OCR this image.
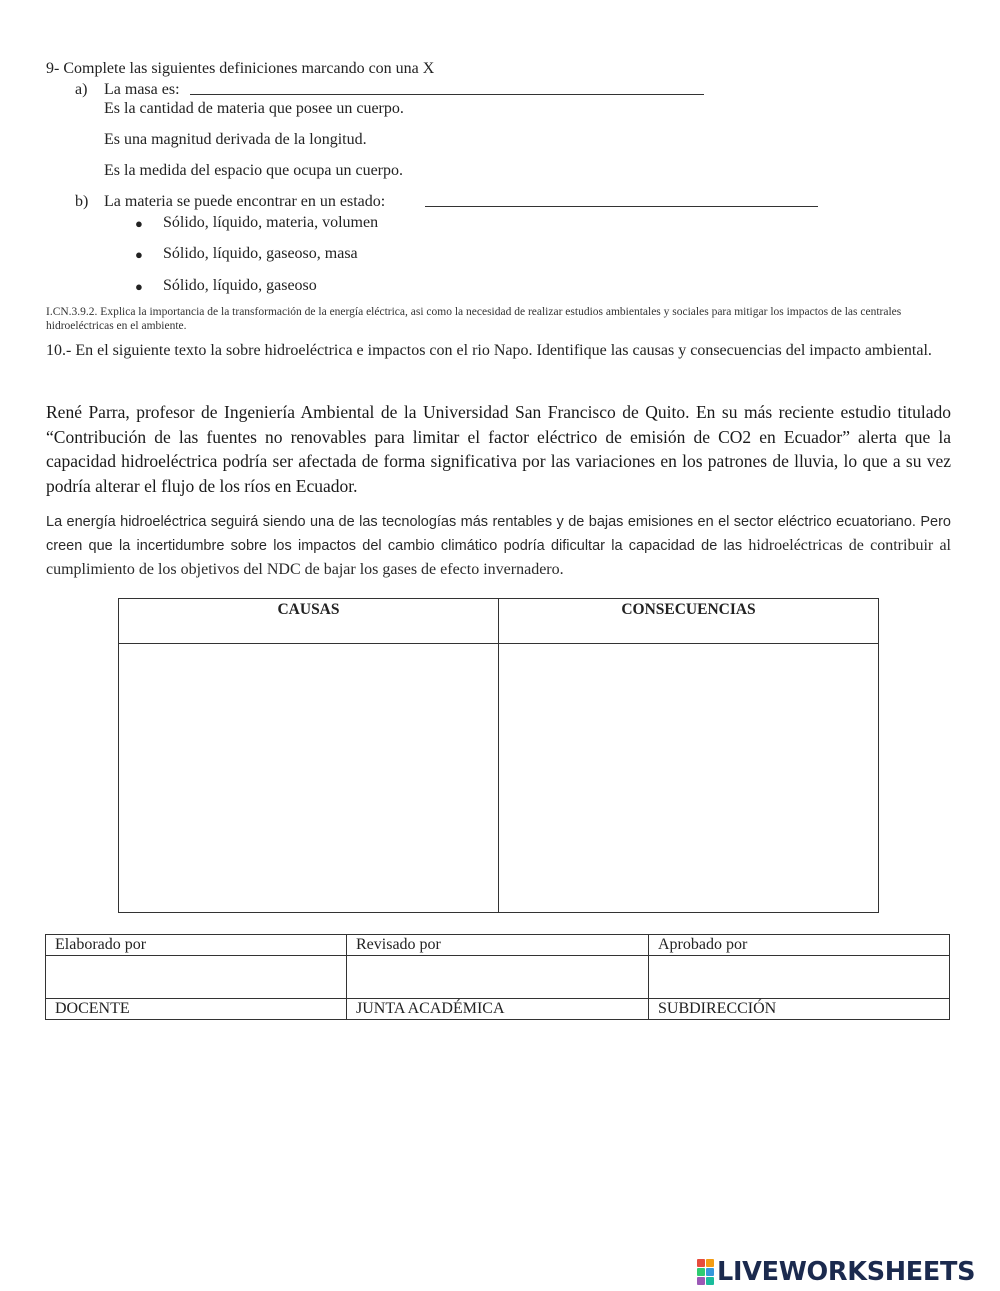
9- Complete las siguientes definiciones marcando con una X
a) La masa es:
Es la cantidad de materia que posee un cuerpo.
Es una magnitud derivada de la longitud.
Es la medida del espacio que ocupa un cuerpo.
b) La materia se puede encontrar en un estado:
● Sólido, líquido, materia, volumen
● Sólido, líquido, gaseoso, masa
● Sólido, líquido, gaseoso
I.CN.3.9.2. Explica la importancia de la transformación de la energía eléctrica, asi como la necesidad de realizar estudios ambientales y sociales para mitigar los impactos de las centrales hidroeléctricas en el ambiente.
10.- En el siguiente texto la sobre hidroeléctrica e impactos con el rio Napo. Identifique las causas y consecuencias del impacto ambiental.
René Parra, profesor de Ingeniería Ambiental de la Universidad San Francisco de Quito. En su más reciente estudio titulado “Contribución de las fuentes no renovables para limitar el factor eléctrico de emisión de CO2 en Ecuador” alerta que la capacidad hidroeléctrica podría ser afectada de forma significativa por las variaciones en los patrones de lluvia, lo que a su vez podría alterar el flujo de los ríos en Ecuador.
La energía hidroeléctrica seguirá siendo una de las tecnologías más rentables y de bajas emisiones en el sector eléctrico ecuatoriano. Pero creen que la incertidumbre sobre los impactos del cambio climático podría dificultar la capacidad de las hidroeléctricas de contribuir al cumplimiento de los objetivos del NDC de bajar los gases de efecto invernadero.
CAUSAS	CONSECUENCIAS

Elaborado por	Revisado por	Aprobado por

DOCENTE	JUNTA ACADÉMICA	SUBDIRECCIÓN
LIVEWORKSHEETS
